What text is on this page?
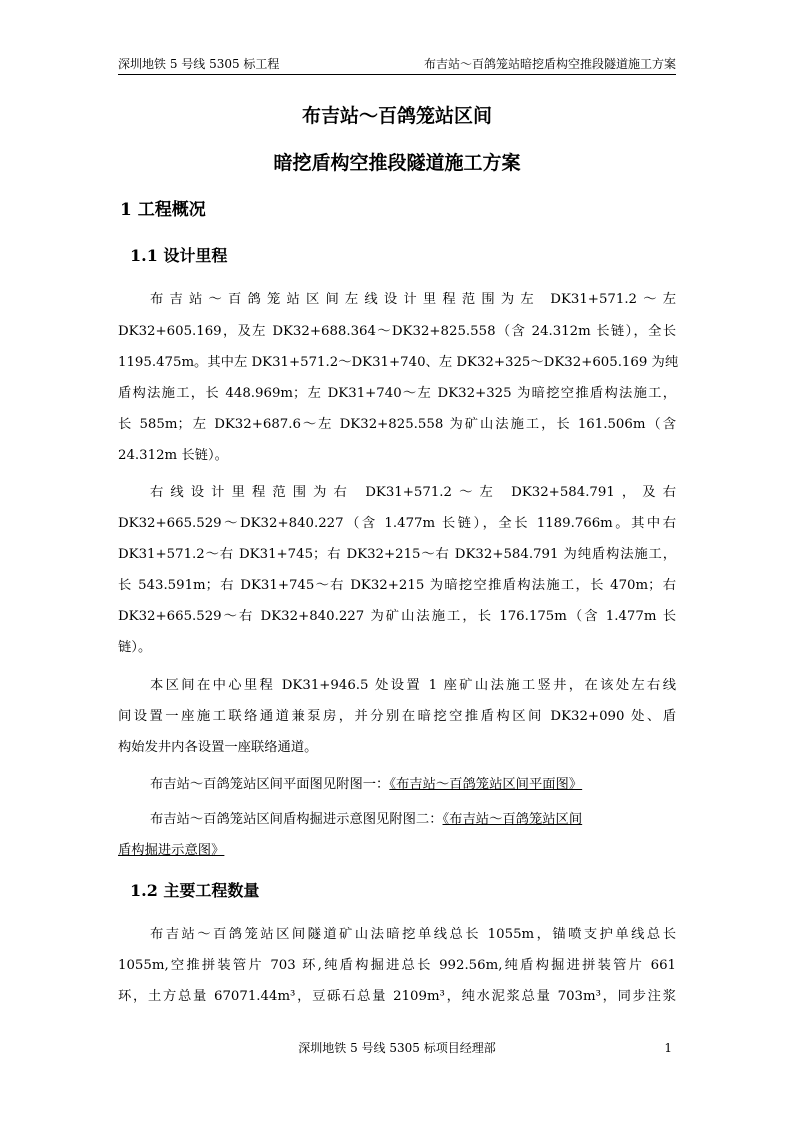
深圳地铁 5 号线 5305 标工程	布吉站～百鸽笼站暗挖盾构空推段隧道施工方案
布吉站～百鸽笼站区间
暗挖盾构空推段隧道施工方案
1 工程概况
1.1 设计里程
布吉站～百鸽笼站区间左线设计里程范围为左 DK31+571.2～左
DK32+605.169，及左 DK32+688.364～DK32+825.558（含 24.312m 长链），全长
1195.475m。其中左 DK31+571.2～DK31+740、左 DK32+325～DK32+605.169 为纯
盾构法施工，长 448.969m；左 DK31+740～左 DK32+325 为暗挖空推盾构法施工，
长 585m；左 DK32+687.6～左 DK32+825.558 为矿山法施工，长 161.506m（含
24.312m 长链）。
右线设计里程范围为右 DK31+571.2～左 DK32+584.791，及右
DK32+665.529～DK32+840.227（含 1.477m 长链），全长 1189.766m。其中右
DK31+571.2～右 DK31+745；右 DK32+215～右 DK32+584.791 为纯盾构法施工，
长 543.591m；右 DK31+745～右 DK32+215 为暗挖空推盾构法施工，长 470m；右
DK32+665.529～右 DK32+840.227 为矿山法施工，长 176.175m（含 1.477m 长
链）。
本区间在中心里程 DK31+946.5 处设置 1 座矿山法施工竖井，在该处左右线
间设置一座施工联络通道兼泵房，并分别在暗挖空推盾构区间 DK32+090 处、盾
构始发井内各设置一座联络通道。
布吉站～百鸽笼站区间平面图见附图一：《布吉站～百鸽笼站区间平面图》
布吉站～百鸽笼站区间盾构掘进示意图见附图二：《布吉站～百鸽笼站区间
盾构掘进示意图》
1.2 主要工程数量
布吉站～百鸽笼站区间隧道矿山法暗挖单线总长 1055m，锚喷支护单线总长
1055m,空推拼装管片 703 环,纯盾构掘进总长 992.56m,纯盾构掘进拼装管片 661
环，土方总量 67071.44m³，豆砾石总量 2109m³，纯水泥浆总量 703m³，同步注浆
深圳地铁 5 号线 5305 标项目经理部	1
